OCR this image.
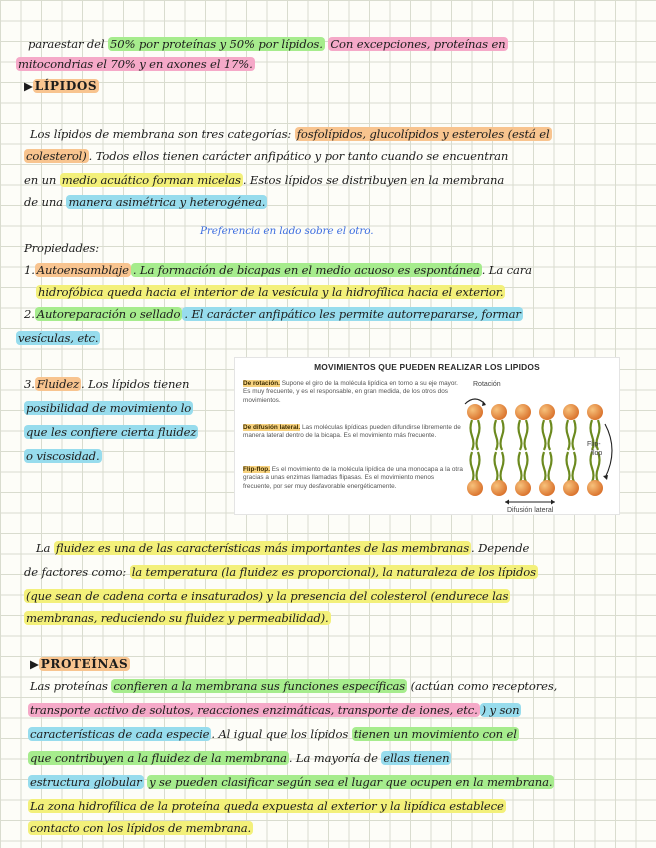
paraestar del 50% por proteínas y 50% por lípidos. Con excepciones, proteínas en
mitocondrias el 70% y en axones el 17%.
▶ LÍPIDOS
Los lípidos de membrana son tres categorías: fosfolípidos, glucolípidos y esteroles (está el
colesterol) . Todos ellos tienen carácter anfipático y por tanto cuando se encuentran
en un medio acuático forman micelas . Estos lípidos se distribuyen en la membrana
de una manera asimétrica y heterogénea.
Preferencia en lado sobre el otro.
Propiedades:
1. Autoensamblaje . La formación de bicapas en el medio acuoso es espontánea . La cara
hidrofóbica queda hacia el interior de la vesícula y la hidrofílica hacia el exterior.
2. Autoreparación o sellado . El carácter anfipático les permite autorrepararse, formar
vesículas, etc.
3. Fluidez . Los lípidos tienen
posibilidad de movimiento lo
que les confiere cierta fluidez
o viscosidad.
MOVIMIENTOS QUE PUEDEN REALIZAR LOS LIPIDOS
De rotación. Supone el giro de la molécula lipídica en torno a su eje mayor. Es muy frecuente, y es el responsable, en gran medida, de los otros dos movimientos.
De difusión lateral. Las moléculas lipídicas pueden difundirse libremente de manera lateral dentro de la bicapa. Es el movimiento más frecuente.
Flip-flop. Es el movimiento de la molécula lipídica de una monocapa a la otra gracias a unas enzimas llamadas flipasas. Es el movimiento menos frecuente, por ser muy desfavorable energéticamente.
Rotación
Flip-
flop
Difusión lateral
La fluidez es una de las características más importantes de las membranas . Depende
de factores como: la temperatura (la fluidez es proporcional), la naturaleza de los lípidos
(que sean de cadena corta e insaturados) y la presencia del colesterol (endurece las
membranas, reduciendo su fluidez y permeabilidad).
▶ PROTEÍNAS
Las proteínas confieren a la membrana sus funciones específicas (actúan como receptores,
transporte activo de solutos, reacciones enzimáticas, transporte de iones, etc. ) y son
características de cada especie . Al igual que los lípidos tienen un movimiento con el
que contribuyen a la fluidez de la membrana . La mayoría de ellas tienen
estructura globular y se pueden clasificar según sea el lugar que ocupen en la membrana.
La zona hidrofílica de la proteína queda expuesta al exterior y la lipídica establece
contacto con los lípidos de membrana.
